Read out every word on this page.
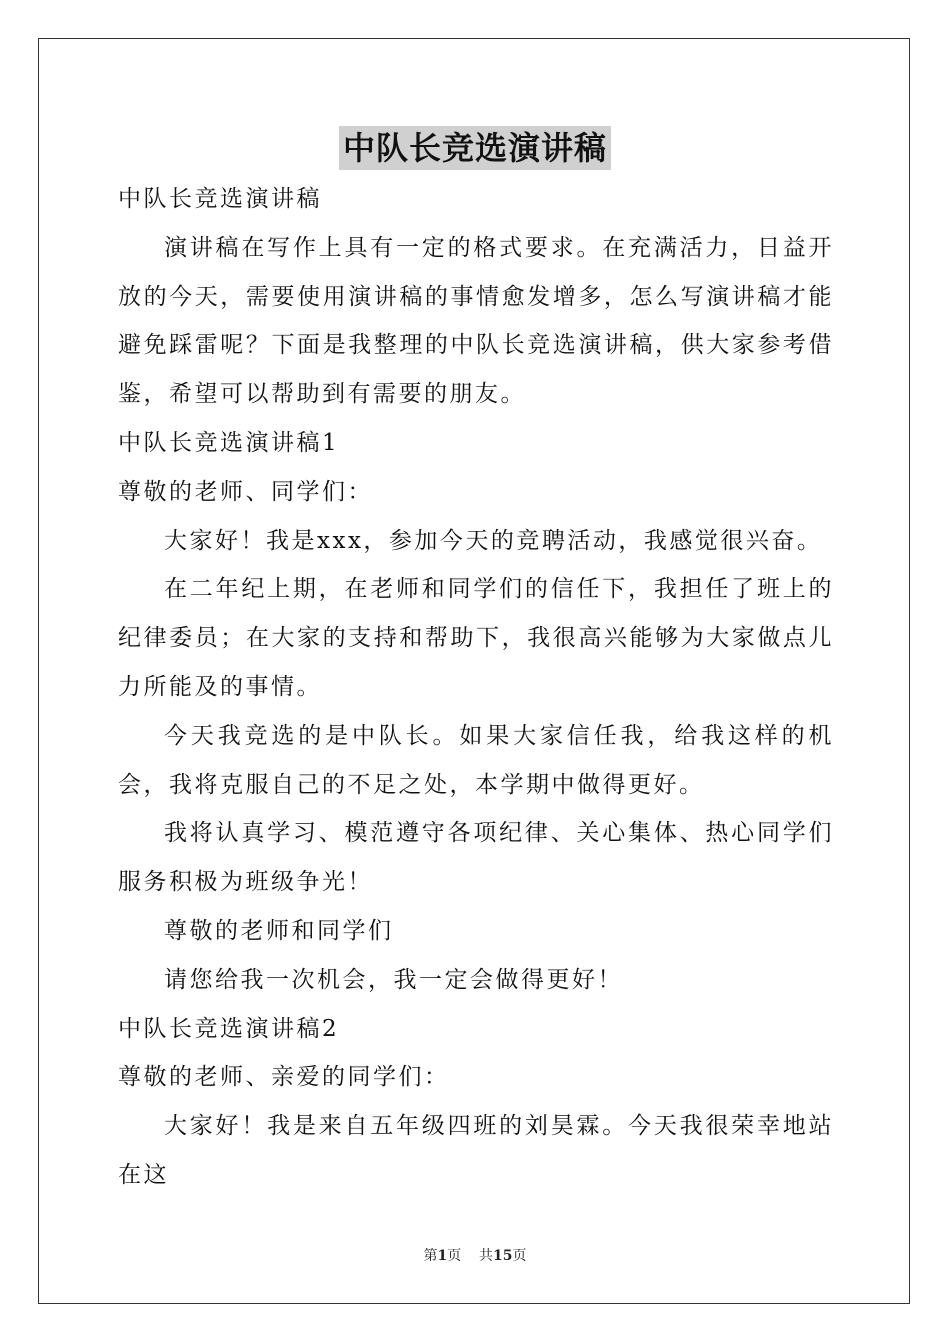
中队长竞选演讲稿

中队长竞选演讲稿

演讲稿在写作上具有一定的格式要求。在充满活力，日益开放的今天，需要使用演讲稿的事情愈发增多，怎么写演讲稿才能避免踩雷呢？下面是我整理的中队长竞选演讲稿，供大家参考借鉴，希望可以帮助到有需要的朋友。

中队长竞选演讲稿1

尊敬的老师、同学们：

大家好！我是xxx，参加今天的竞聘活动，我感觉很兴奋。

在二年纪上期，在老师和同学们的信任下，我担任了班上的纪律委员；在大家的支持和帮助下，我很高兴能够为大家做点儿力所能及的事情。

今天我竞选的是中队长。如果大家信任我，给我这样的机会，我将克服自己的不足之处，本学期中做得更好。

我将认真学习、模范遵守各项纪律、关心集体、热心同学们服务积极为班级争光！

尊敬的老师和同学们

请您给我一次机会，我一定会做得更好！

中队长竞选演讲稿2

尊敬的老师、亲爱的同学们：

大家好！我是来自五年级四班的刘昊霖。今天我很荣幸地站在这

第1页 共15页
